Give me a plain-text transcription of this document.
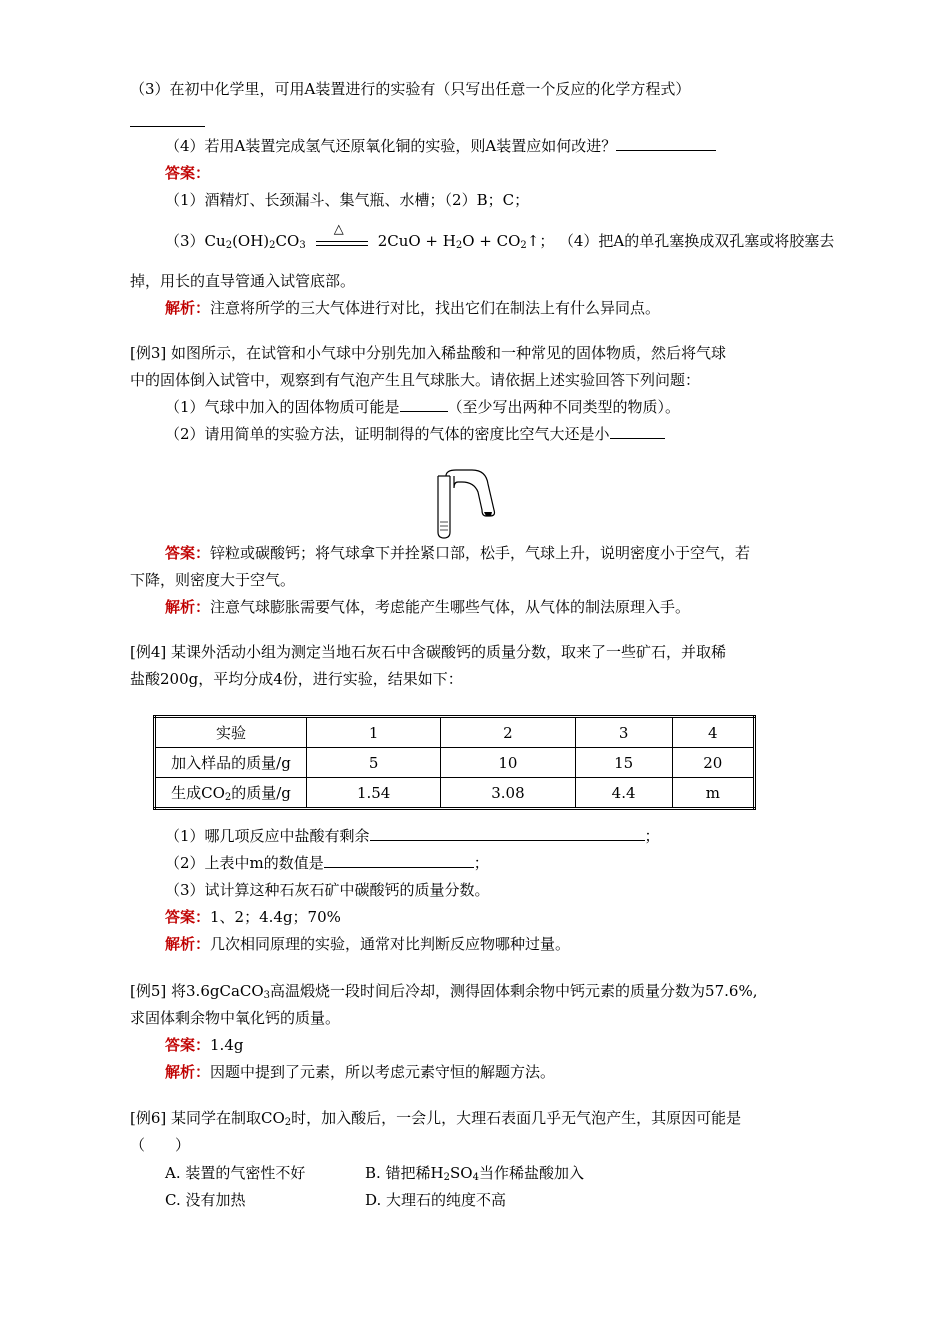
（3）在初中化学里，可用A装置进行的实验有（只写出任意一个反应的化学方程式）
（4）若用A装置完成氢气还原氧化铜的实验，则A装置应如何改进？
答案：
（1）酒精灯、长颈漏斗、集气瓶、水槽；（2）B；C；
$(3)Cu_2(OH)_2CO_3$
△
$2CuO + H_2O$ + $CO_2↑$； （4）把A的单孔塞换成双孔塞或将胶塞去
掉，用长的直导管通入试管底部。
解析：注意将所学的三大气体进行对比，找出它们在制法上有什么异同点。
[例3] 如图所示，在试管和小气球中分别先加入稀盐酸和一种常见的固体物质，然后将气球
中的固体倒入试管中，观察到有气泡产生且气球胀大。请依据上述实验回答下列问题：
（1）气球中加入的固体物质可能是	（至少写出两种不同类型的物质）。
（2）请用简单的实验方法，证明制得的气体的密度比空气大还是小
答案：锌粒或碳酸钙；将气球拿下并拴紧口部，松手，气球上升，说明密度小于空气，若
下降，则密度大于空气。
解析：注意气球膨胀需要气体，考虑能产生哪些气体，从气体的制法原理入手。
[例4] 某课外活动小组为测定当地石灰石中含碳酸钙的质量分数，取来了一些矿石，并取稀
盐酸200g，平均分成4份，进行实验，结果如下：
实验	1	2	3	4
加入样品的质量/g	5	10	15	20
生成$CO_2$的质量/g	1.54	3.08	4.4	m
（1）哪几项反应中盐酸有剩余	；
（2）上表中m的数值是	；
（3）试计算这种石灰石矿中碳酸钙的质量分数。
答案：1、2；4.4g；70%
解析：几次相同原理的实验，通常对比判断反应物哪种过量。
[例5] 将3.6gCaCO$_3$高温煅烧一段时间后冷却，测得固体剩余物中钙元素的质量分数为57.6%,
求固体剩余物中氧化钙的质量。
答案：1.4g
解析：因题中提到了元素，所以考虑元素守恒的解题方法。
[例6] 某同学在制取$CO_2$时，加入酸后，一会儿，大理石表面几乎无气泡产生，其原因可能是
（　　）
A. 装置的气密性不好	B. 错把稀$H_2SO_4$当作稀盐酸加入
C. 没有加热	D. 大理石的纯度不高
